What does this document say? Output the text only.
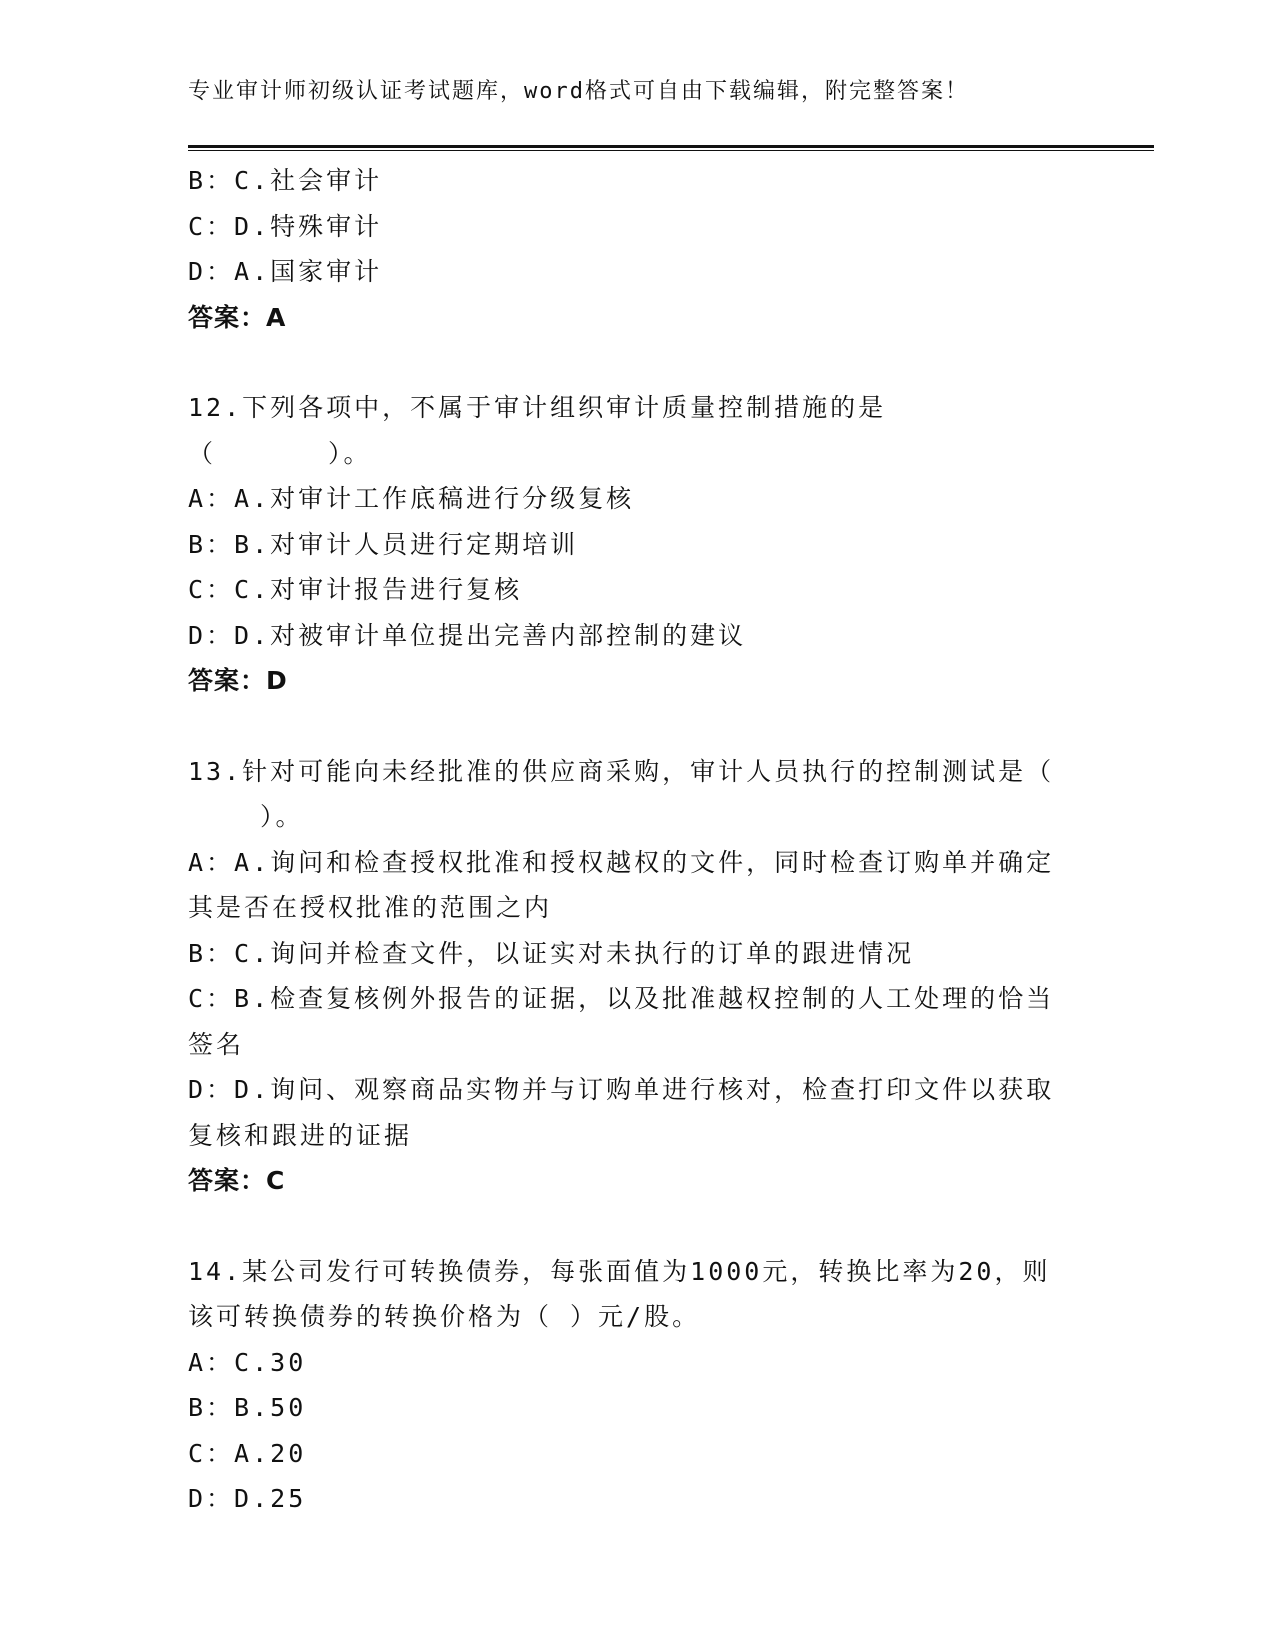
专业审计师初级认证考试题库，word格式可自由下载编辑，附完整答案！

B：C.社会审计

C：D.特殊审计

D：A.国家审计

答案：A

12.下列各项中，不属于审计组织审计质量控制措施的是（　　　　）。

A：A.对审计工作底稿进行分级复核

B：B.对审计人员进行定期培训

C：C.对审计报告进行复核

D：D.对被审计单位提出完善内部控制的建议

答案：D

13.针对可能向未经批准的供应商采购，审计人员执行的控制测试是（

）。

A：A.询问和检查授权批准和授权越权的文件，同时检查订购单并确定

其是否在授权批准的范围之内

B：C.询问并检查文件，以证实对未执行的订单的跟进情况

C：B.检查复核例外报告的证据，以及批准越权控制的人工处理的恰当

签名

D：D.询问、观察商品实物并与订购单进行核对，检查打印文件以获取

复核和跟进的证据

答案：C

14.某公司发行可转换债券，每张面值为1000元，转换比率为20，则

该可转换债券的转换价格为（ ）元/股。

A：C.30

B：B.50

C：A.20

D：D.25
